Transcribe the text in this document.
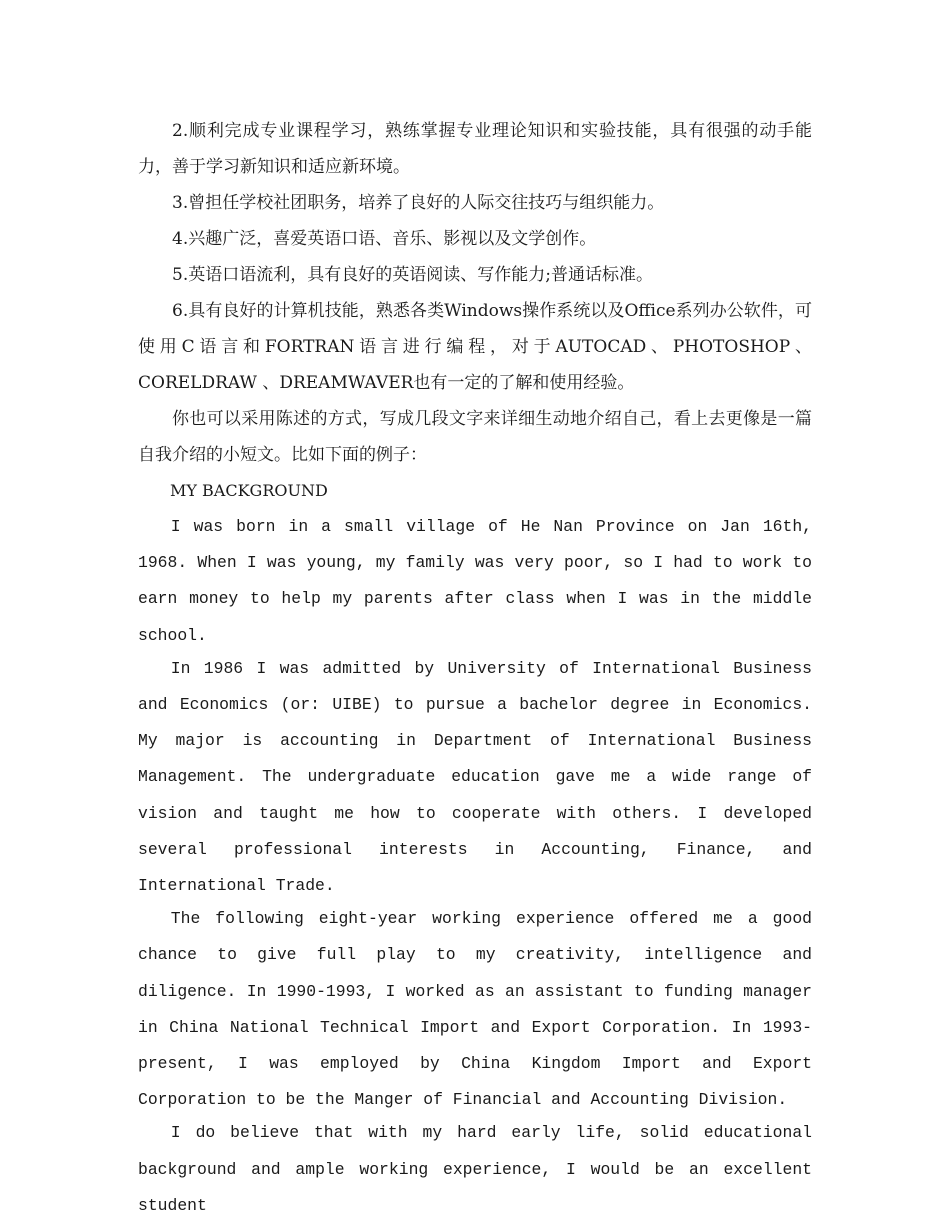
2.顺利完成专业课程学习，熟练掌握专业理论知识和实验技能，具有很强的动手能力，善于学习新知识和适应新环境。

3.曾担任学校社团职务，培养了良好的人际交往技巧与组织能力。

4.兴趣广泛，喜爱英语口语、音乐、影视以及文学创作。

5.英语口语流利，具有良好的英语阅读、写作能力;普通话标准。

6.具有良好的计算机技能，熟悉各类Windows操作系统以及Office系列办公软件，可使用C语言和FORTRAN语言进行编程，对于AUTOCAD、PHOTOSHOP、CORELDRAW 、DREAMWAVER也有一定的了解和使用经验。

你也可以采用陈述的方式，写成几段文字来详细生动地介绍自己，看上去更像是一篇自我介绍的小短文。比如下面的例子：

MY BACKGROUND

I was born in a small village of He Nan Province on Jan 16th, 1968. When I was young, my family was very poor, so I had to work to earn money to help my parents after class when I was in the middle school.

In 1986 I was admitted by University of International Business and Economics (or: UIBE) to pursue a bachelor degree in Economics. My major is accounting in Department of International Business Management. The undergraduate education gave me a wide range of vision and taught me how to cooperate with others. I developed several professional interests in Accounting, Finance, and International Trade.

The following eight-year working experience offered me a good chance to give full play to my creativity, intelligence and diligence. In 1990-1993, I worked as an assistant to funding manager in China National Technical Import and Export Corporation. In 1993-present, I was employed by China Kingdom Import and Export Corporation to be the Manger of Financial and Accounting Division.

I do believe that with my hard early life, solid educational background and ample working experience, I would be an excellent student
